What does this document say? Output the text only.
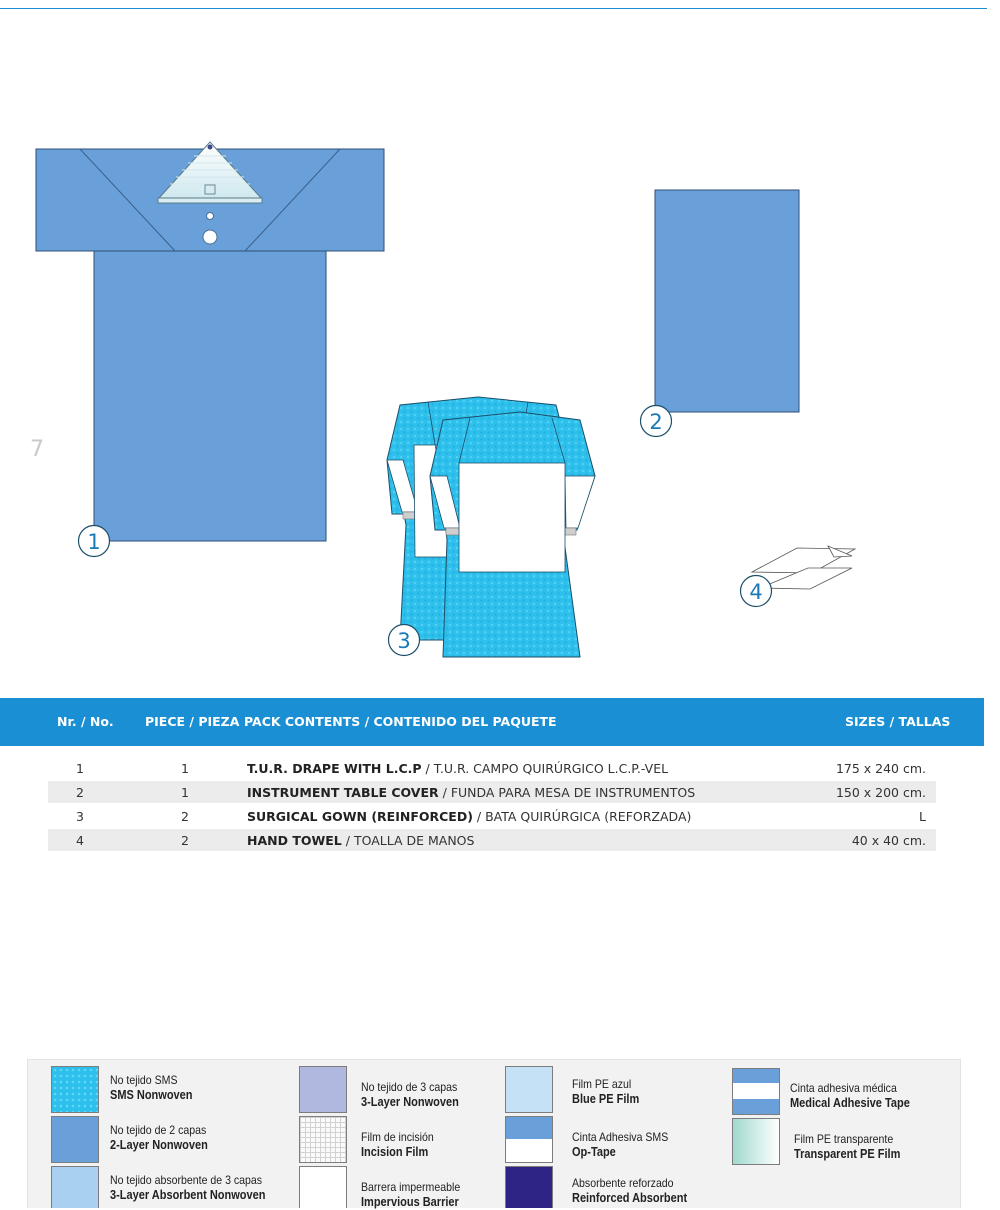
1
2
3
4
7
Nr. / No.	PIECE / PIEZA PACK CONTENTS / CONTENIDO DEL PAQUETE	SIZES / TALLAS
1	1	T.U.R. DRAPE WITH L.C.P / T.U.R. CAMPO QUIRÚRGICO L.C.P.-VEL	175 x 240 cm.
2	1	INSTRUMENT TABLE COVER / FUNDA PARA MESA DE INSTRUMENTOS	150 x 200 cm.
3	2	SURGICAL GOWN (REINFORCED) / BATA QUIRÚRGICA (REFORZADA)	L
4	2	HAND TOWEL / TOALLA DE MANOS	40 x 40 cm.
No tejido SMS
SMS Nonwoven
No tejido de 2 capas
2-Layer Nonwoven
No tejido absorbente de 3 capas
3-Layer Absorbent Nonwoven
No tejido de 3 capas
3-Layer Nonwoven
Film de incisión
Incision Film
Barrera impermeable
Impervious Barrier
Film PE azul
Blue PE Film
Cinta Adhesiva SMS
Op-Tape
Absorbente reforzado
Reinforced Absorbent
Cinta adhesiva médica
Medical Adhesive Tape
Film PE transparente
Transparent PE Film
